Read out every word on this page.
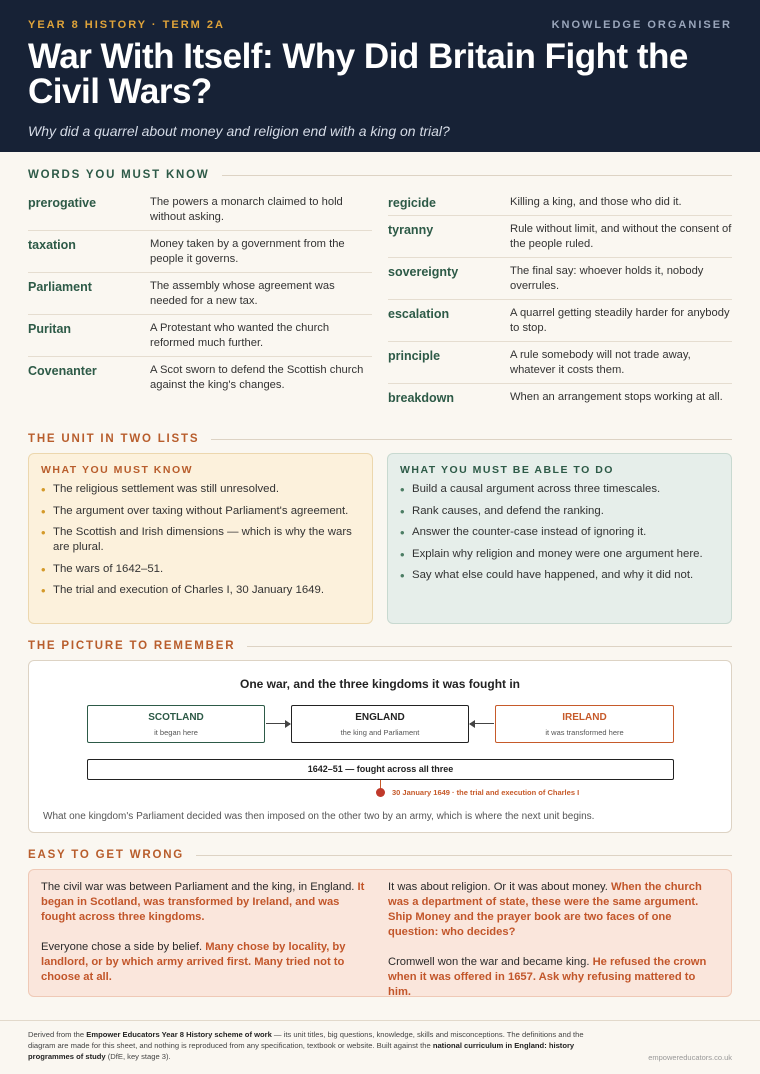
YEAR 8 HISTORY · TERM 2A	KNOWLEDGE ORGANISER
War With Itself: Why Did Britain Fight the Civil Wars?
Why did a quarrel about money and religion end with a king on trial?
WORDS YOU MUST KNOW
prerogative	The powers a monarch claimed to hold without asking.
taxation	Money taken by a government from the people it governs.
Parliament	The assembly whose agreement was needed for a new tax.
Puritan	A Protestant who wanted the church reformed much further.
Covenanter	A Scot sworn to defend the Scottish church against the king's changes.
regicide	Killing a king, and those who did it.
tyranny	Rule without limit, and without the consent of the people ruled.
sovereignty	The final say: whoever holds it, nobody overrules.
escalation	A quarrel getting steadily harder for anybody to stop.
principle	A rule somebody will not trade away, whatever it costs them.
breakdown	When an arrangement stops working at all.
THE UNIT IN TWO LISTS
WHAT YOU MUST KNOW
• The religious settlement was still unresolved.
• The argument over taxing without Parliament's agreement.
• The Scottish and Irish dimensions — which is why the wars are plural.
• The wars of 1642–51.
• The trial and execution of Charles I, 30 January 1649.
WHAT YOU MUST BE ABLE TO DO
• Build a causal argument across three timescales.
• Rank causes, and defend the ranking.
• Answer the counter-case instead of ignoring it.
• Explain why religion and money were one argument here.
• Say what else could have happened, and why it did not.
THE PICTURE TO REMEMBER
One war, and the three kingdoms it was fought in
SCOTLAND
it began here
ENGLAND
the king and Parliament
IRELAND
it was transformed here
1642–51 — fought across all three
30 January 1649 · the trial and execution of Charles I
What one kingdom's Parliament decided was then imposed on the other two by an army, which is where the next unit begins.
EASY TO GET WRONG

The civil war was between Parliament and the king, in England. It began in Scotland, was transformed by Ireland, and was fought across three kingdoms.

Everyone chose a side by belief. Many chose by locality, by landlord, or by which army arrived first. Many tried not to choose at all.

It was about religion. Or it was about money. When the church was a department of state, these were the same argument. Ship Money and the prayer book are two faces of one question: who decides?

Cromwell won the war and became king. He refused the crown when it was offered in 1657. Ask why refusing mattered to him.

Derived from the Empower Educators Year 8 History scheme of work — its unit titles, big questions, knowledge, skills and misconceptions. The definitions and the diagram are made for this sheet, and nothing is reproduced from any specification, textbook or website. Built against the national curriculum in England: history programmes of study (DfE, key stage 3).	empowereducators.co.uk
